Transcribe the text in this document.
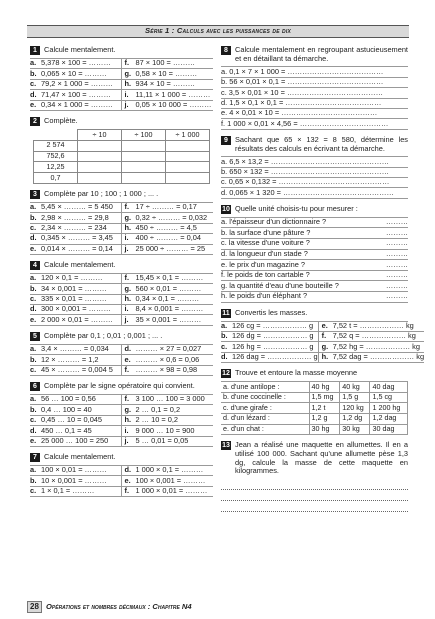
Série 1 : Calculs avec les puissances de dix
1 Calcule mentalement.
a. 5,378 × 100 = ……… f. 87 × 100 = ………
b. 0,065 × 10 = ……… g. 0,58 × 10 = ………
c. 79,2 × 1 000 = ……… h. 934 × 10 = ………
d. 71,47 × 100 = ……… i. 11,11 × 1 000 = ………
e. 0,34 × 1 000 = ……… j. 0,05 × 10 000 = ………
2 Complète.
	÷ 10	÷ 100	÷ 1 000
2 574			
752,6			
12,25			
0,7			
3 Complète par 10 ; 100 ; 1 000 ; ... .
a. 5,45 × ……… = 5 450 f. 17 ÷ ……… = 0,17
b. 2,98 × ……… = 29,8 g. 0,32 ÷ ……… = 0,032
c. 2,34 × ……… = 234 h. 450 ÷ ……… = 4,5
d. 0,345 × ……… = 3,45 i. 400 ÷ ……… = 0,04
e. 0,014 × ……… = 0,14 j. 25 000 ÷ ……… = 25
4 Calcule mentalement.
a. 120 × 0,1 = ………	f. 15,45 × 0,1 = ………
b. 34 × 0,001 = ……… g. 560 × 0,01 = ………
c. 335 × 0,01 = ……… h. 0,34 × 0,1 = ………
d. 300 × 0,001 = ……… i. 8,4 × 0,001 = ………
e. 2 000 × 0,01 = ……… j. 35 × 0,001 = ………
5 Complète par 0,1 ; 0,01 ; 0,001 ; ... .
a. 3,4 × ……… = 0,034 d. ……… × 27 = 0,027
b. 12 × ……… = 1,2	e. ……… × 0,6 = 0,06
c. 45 × ……… = 0,004 5 f. ……… × 98 = 0,98
6 Complète par le signe opératoire qui convient.
a. 56 … 100 = 0,56	f. 3 100 … 100 = 3 000
b. 0,4 … 100 = 40	g. 2 … 0,1 = 0,2
c. 0,45 … 10 = 0,045	h. 2 … 10 = 0,2
d. 450 … 0,1 = 45	i. 9 000 … 10 = 900
e. 25 000 … 100 = 250 j. 5 … 0,01 = 0,05
7 Calcule mentalement.
a. 100 × 0,01 = ……… d. 1 000 × 0,1 = ………
b. 10 × 0,001 = ……… e. 100 × 0,001 = ………
c. 1 × 0,1 = ………	f. 1 000 × 0,01 = ………
8 Calcule mentalement en regroupant astucieusement et en détaillant ta démarche.
a. 0,1 × 7 × 1 000 = …………………………………
b. 56 × 0,01 × 0,1 = …………………………………
c. 3,5 × 0,01 × 10 = …………………………………
d. 1,5 × 0,1 × 0,1 = …………………………………
e. 4 × 0,01 × 10 = …………………………………
f. 1 000 × 0,01 × 4,56 = ………………………………
9 Sachant que 65 × 132 = 8 580, détermine les résultats des calculs en écrivant ta démarche.
a. 6,5 × 13,2 = …………………………………………
b. 650 × 132 = …………………………………………
c. 0,65 × 0,132 = ………………………………………
d. 0,065 × 1 320 = ………………………………………
10 Quelle unité choisis-tu pour mesurer :
a. l'épaisseur d'un dictionnaire ?	………
b. la surface d'une pâture ?	………
c. la vitesse d'une voiture ?	………
d. la longueur d'un stade ?	………
e. le prix d'un magazine ?	………
f. le poids de ton cartable ?	………
g. la quantité d'eau d'une bouteille ?	………
h. le poids d'un éléphant ?	………
11 Convertis les masses.
a. 126 cg = ……………… g e. 7,52 t = ……………… kg
b. 126 dg = ……………… g f. 7,52 q = ……………… kg
c. 126 hg = ……………… g g. 7,52 hg = ……………… kg
d. 126 dag = ……………… g h. 7,52 dag = ……………… kg
12 Trouve et entoure la masse moyenne
a. d'une antilope :	40 hg	40 kg	40 dag
b. d'une coccinelle :	1,5 mg	1,5 g	1,5 cg
c. d'une girafe :	1,2 t	120 kg	1 200 hg
d. d'un lézard :	1,2 g	1,2 dg	1,2 dag
e. d'un chat :	30 hg	30 kg	30 dag
13 Jean a réalisé une maquette en allumettes. Il en a utilisé 100 000. Sachant qu'une allumette pèse 1,3 dg, calcule la masse de cette maquette en kilogrammes.
28 Opérations et nombres décimaux : Chapitre N4
